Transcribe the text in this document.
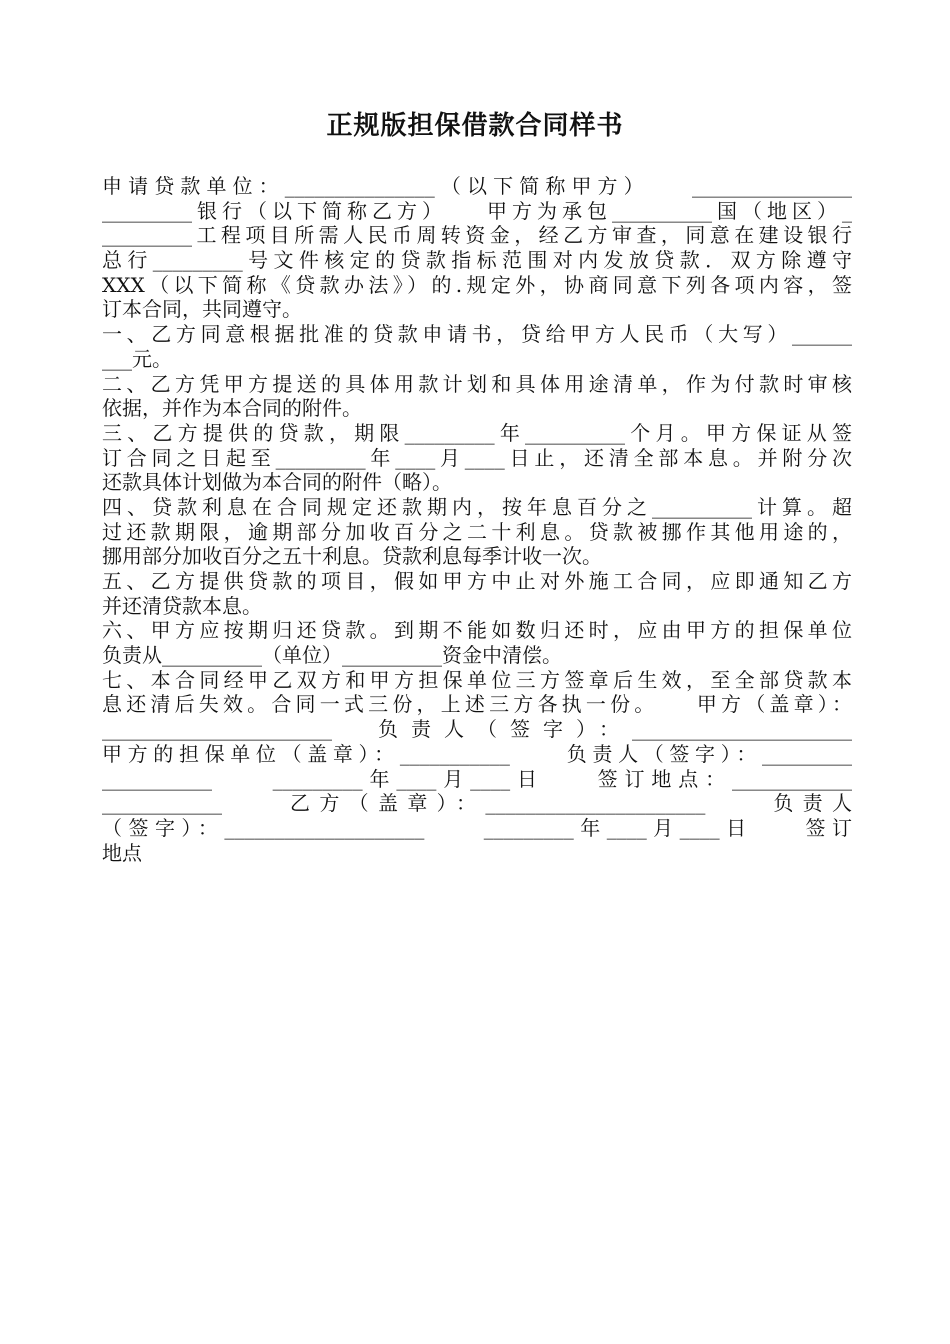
正规版担保借款合同样书
申请贷款单位：_______________（以下简称甲方）　　________________
_________银行（以下简称乙方）　　甲方为承包__________国（地区）_
_________工程项目所需人民币周转资金，经乙方审查，同意在建设银行
总行_________号文件核定的贷款指标范围对内发放贷款．双方除遵守
XXX（以下简称《贷款办法》）的.规定外，协商同意下列各项内容，签
订本合同，共同遵守。
一、乙方同意根据批准的贷款申请书，贷给甲方人民币（大写）______
___元。
二、乙方凭甲方提送的具体用款计划和具体用途清单，作为付款时审核
依据，并作为本合同的附件。
三、乙方提供的贷款，期限_________年__________个月。甲方保证从签
订合同之日起至_________年____月____日止，还清全部本息。并附分次
还款具体计划做为本合同的附件（略）。
四、贷款利息在合同规定还款期内，按年息百分之__________计算。超
过还款期限，逾期部分加收百分之二十利息。贷款被挪作其他用途的，
挪用部分加收百分之五十利息。贷款利息每季计收一次。
五、乙方提供贷款的项目，假如甲方中止对外施工合同，应即通知乙方
并还清贷款本息。
六、甲方应按期归还贷款。到期不能如数归还时，应由甲方的担保单位
负责从__________（单位）__________资金中清偿。
七、本合同经甲乙双方和甲方担保单位三方签章后生效，至全部贷款本
息还清后失效。合同一式三份，上述三方各执一份。　　甲方（盖章）：
_______________________　负责人（签字）：______________________
甲方的担保单位（盖章）：___________　　负责人（签字）：_________
___________　　_________年____月____日　　签订地点：____________
____________　　乙方（盖章）：______________________　　负责人
（签字）：____________________　　_________年____月____日　　签订
地点
